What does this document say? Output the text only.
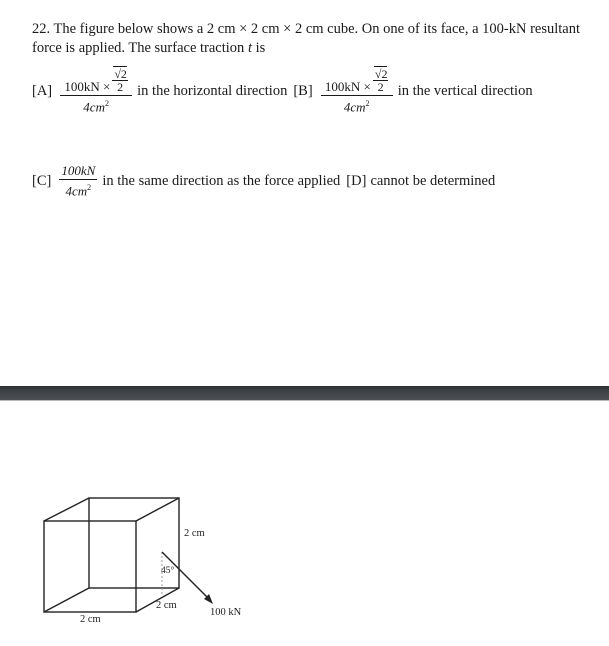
22. The figure below shows a 2 cm × 2 cm × 2 cm cube. On one of its face, a 100-kN resultant force is applied. The surface traction t is
$[A] \frac{100kN \times \frac{√2}{2}}{4cm^2}$ in the horizontal direction $[B] \frac{100kN \times \frac{√2}{2}}{4cm^2}$ in the vertical direction
$[C] \frac{100kN}{4cm^2}$ in the same direction as the force applied [D] cannot be determined
2 cm
45°
2 cm
2 cm
100 kN
